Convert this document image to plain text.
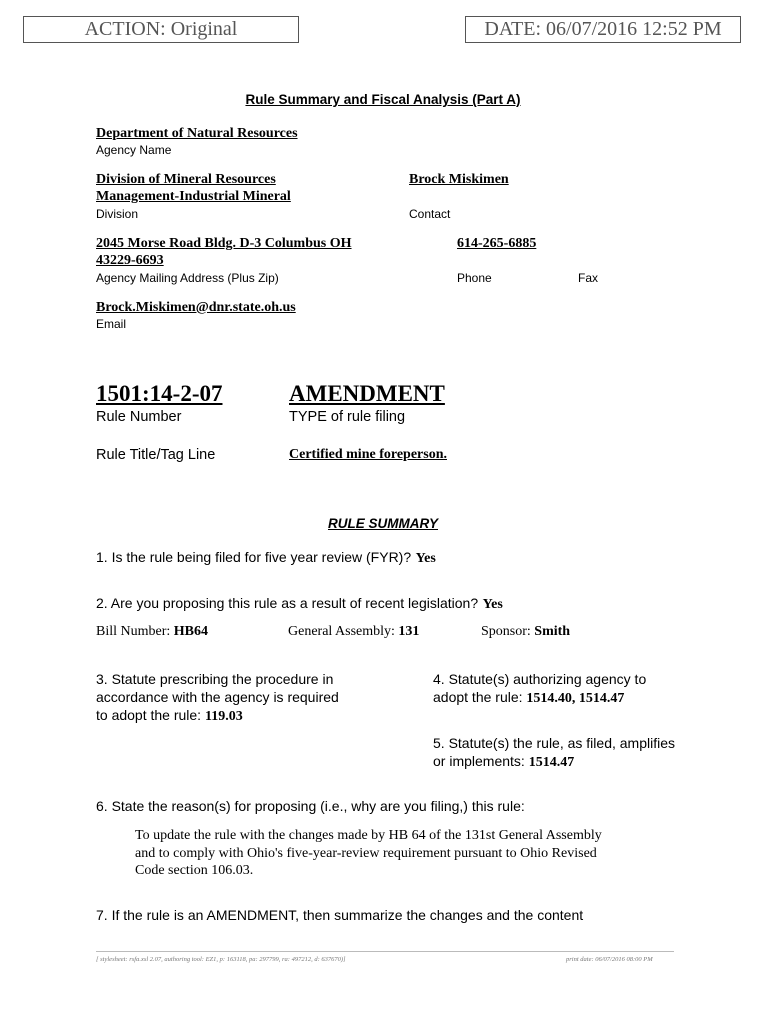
ACTION: Original	DATE: 06/07/2016 12:52 PM
Rule Summary and Fiscal Analysis (Part A)
Department of Natural Resources
Agency Name
Division of Mineral Resources
Management-Industrial Mineral
Division
Brock Miskimen
Contact
2045 Morse Road Bldg. D-3 Columbus OH
43229-6693
Agency Mailing Address (Plus Zip)
614-265-6885
Phone	Fax
Brock.Miskimen@dnr.state.oh.us
Email
1501:14-2-07
Rule Number
AMENDMENT
TYPE of rule filing
Rule Title/Tag Line	Certified mine foreperson.
RULE SUMMARY
1. Is the rule being filed for five year review (FYR)? Yes
2. Are you proposing this rule as a result of recent legislation? Yes
Bill Number: HB64	General Assembly: 131	Sponsor: Smith
3. Statute prescribing the procedure in
accordance with the agency is required
to adopt the rule: 119.03
4. Statute(s) authorizing agency to
adopt the rule: 1514.40, 1514.47
5. Statute(s) the rule, as filed, amplifies
or implements: 1514.47
6. State the reason(s) for proposing (i.e., why are you filing,) this rule:
To update the rule with the changes made by HB 64 of the 131st General Assembly
and to comply with Ohio's five-year-review requirement pursuant to Ohio Revised
Code section 106.03.
7. If the rule is an AMENDMENT, then summarize the changes and the content
[ stylesheet: rsfa.xsl 2.07, authoring tool: EZ1, p: 163118, pa: 297799, ra: 497212, d: 637670)]	print date: 06/07/2016 08:00 PM
